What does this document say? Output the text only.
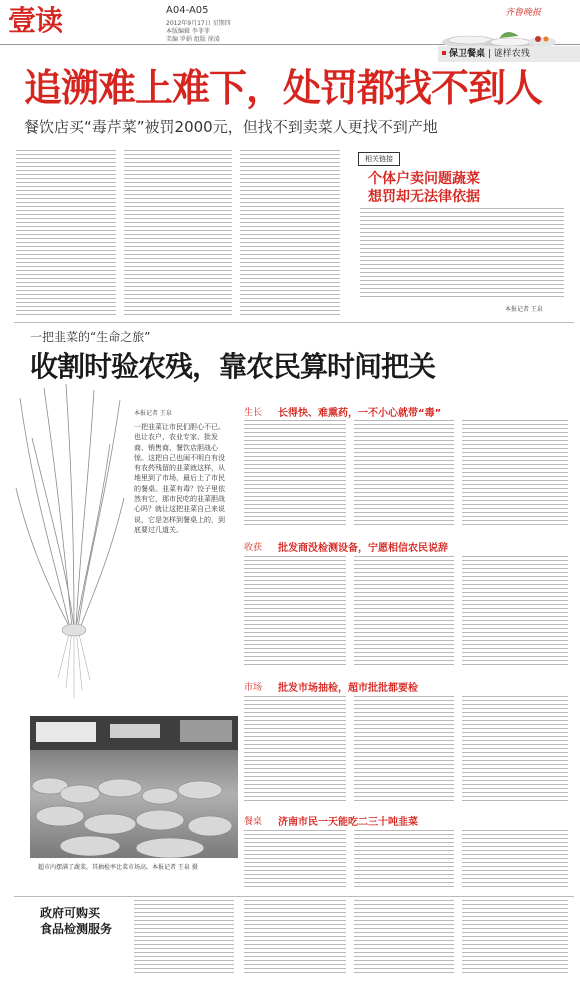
壹读	A04-A05
2012年9月17日 星期四
本版编辑 李菲菲
美编 罗娟 组版 徐凌
齐鲁晚报
保卫餐桌 | 谜样农残
追溯难上难下，处罚都找不到人
餐饮店买“毒芹菜”被罚2000元，但找不到卖菜人更找不到产地
相关链接
个体户卖问题蔬菜
想罚却无法律依据
本报记者 王泉
一把韭菜的“生命之旅”
收割时验农残，靠农民算时间把关
本报记者 王泉
一把韭菜让市民们胆心不已。也让农户、农业专家、批发商、销售商、餐饮店胆战心惊。这把自己也闹不明白有没有农药残留的韭菜就这样，从地里到了市场，最后上了市民的餐桌。韭菜有毒？饺子里依然有它，那市民吃的韭菜胆战心吗？就让这把韭菜自己来说说，它是怎样到餐桌上的，到底要过几道关。
生长 长得快、难熏药，一不小心就带“毒”
收获 批发商没检测设备，宁愿相信农民说辞
市场 批发市场抽检，超市批批都要检
餐桌 济南市民一天能吃二三十吨韭菜
超市内摆满了蔬菜，其抽检率比菜市场高。本报记者 王泉 摄
政府可购买
食品检测服务
